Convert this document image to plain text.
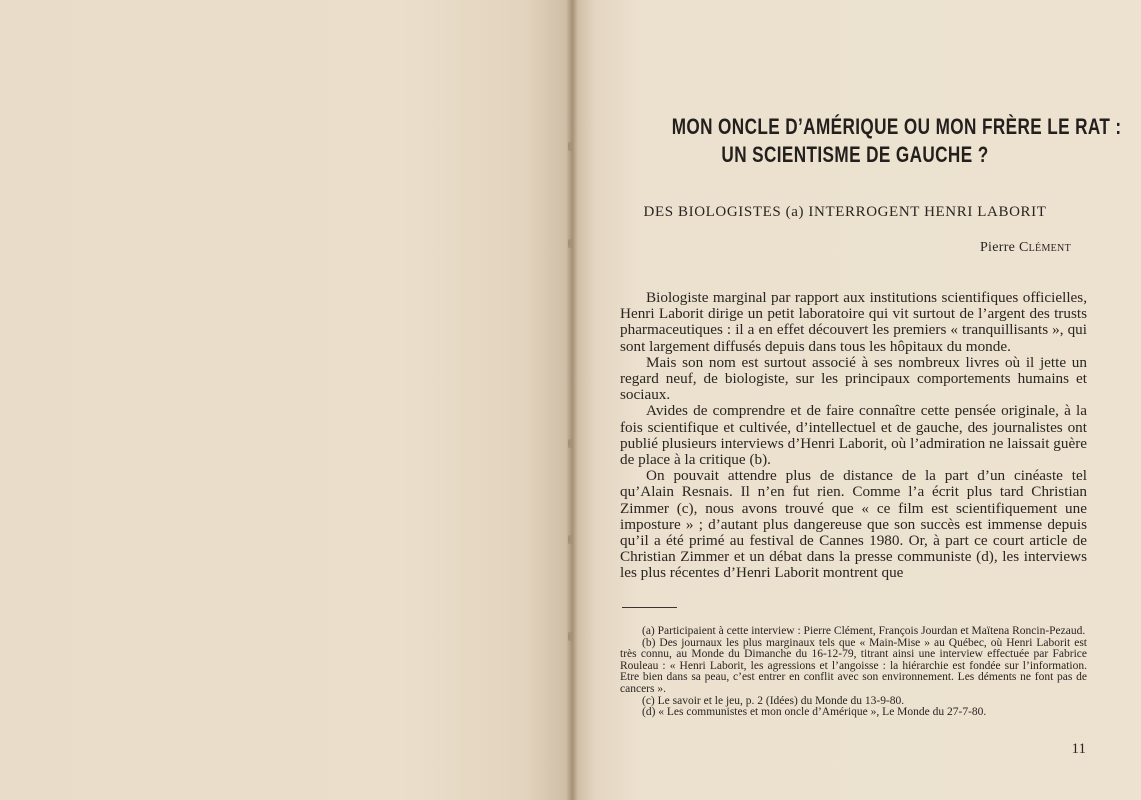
MON ONCLE D’AMÉRIQUE OU MON FRÈRE LE RAT :
UN SCIENTISME DE GAUCHE ?
DES BIOLOGISTES (a) INTERROGENT HENRI LABORIT
Pierre Clément

Biologiste marginal par rapport aux institutions scientifiques officielles, Henri Laborit dirige un petit laboratoire qui vit surtout de l’argent des trusts pharmaceutiques : il a en effet découvert les premiers « tranquillisants », qui sont largement diffusés depuis dans tous les hôpitaux du monde.

Mais son nom est surtout associé à ses nombreux livres où il jette un regard neuf, de biologiste, sur les principaux comportements humains et sociaux.

Avides de comprendre et de faire connaître cette pensée originale, à la fois scientifique et cultivée, d’intellectuel et de gauche, des journalistes ont publié plusieurs interviews d’Henri Laborit, où l’admiration ne laissait guère de place à la critique (b).

On pouvait attendre plus de distance de la part d’un cinéaste tel qu’Alain Resnais. Il n’en fut rien. Comme l’a écrit plus tard Christian Zimmer (c), nous avons trouvé que « ce film est scientifiquement une imposture » ; d’autant plus dangereuse que son succès est immense depuis qu’il a été primé au festival de Cannes 1980. Or, à part ce court article de Christian Zimmer et un débat dans la presse communiste (d), les interviews les plus récentes d’Henri Laborit montrent que

(a) Participaient à cette interview : Pierre Clément, François Jourdan et Maïtena Roncin-Pezaud.

(b) Des journaux les plus marginaux tels que « Main-Mise » au Québec, où Henri Laborit est très connu, au Monde du Dimanche du 16-12-79, titrant ainsi une interview effectuée par Fabrice Rouleau : « Henri Laborit, les agressions et l’angoisse : la hiérarchie est fondée sur l’information. Etre bien dans sa peau, c’est entrer en conflit avec son environnement. Les déments ne font pas de cancers ».

(c) Le savoir et le jeu, p. 2 (Idées) du Monde du 13-9-80.

(d) « Les communistes et mon oncle d’Amérique », Le Monde du 27-7-80.

11
